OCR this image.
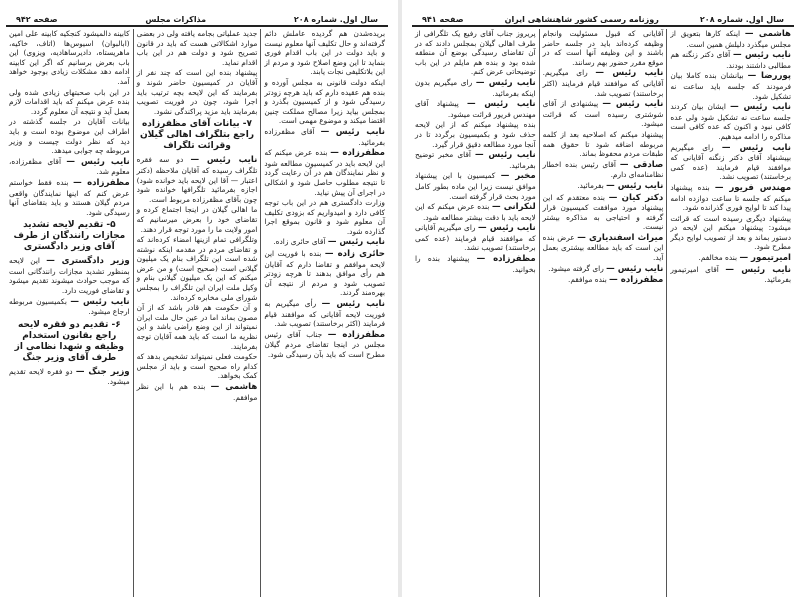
سال اول. شماره ۲۰۸
مذاکرات مجلس
صفحه ۹۴۲
بریده‌شدن هم گردیده عاملش دائم گرفته‌اند و حال تکلیف آنها معلوم نیست و باید دولت در این باب اقدام فوری بنماید تا این وضع اصلاح شود و مردم از این بلاتکلیفی نجات یابند.
اینکه دولت قانونی به مجلس آورده و بنده هم عقیده دارم که باید هرچه زودتر رسیدگی شود و از کمیسیون بگذرد و بمجلس بیاید زیرا مصالح مملکت چنین اقتضا میکند و موضوع مهمی است.
نایب رئیس — آقای مظفرزاده بفرمائید.
مظفرزاده — بنده عرض میکنم که این لایحه باید در کمیسیون مطالعه شود و نظر نمایندگان هم در آن رعایت گردد تا نتیجه مطلوب حاصل شود و اشکالی در اجرای آن پیش نیاید.
وزارت دادگستری هم در این باب توجه کافی دارد و امیدواریم که بزودی تکلیف آن معلوم شود و قانون بموقع اجرا گذارده شود.
نایب رئیس — آقای حائری زاده.
حائری زاده — بنده با فوریت این لایحه موافقم و تقاضا دارم که آقایان هم رأی موافق بدهند تا هرچه زودتر تصویب شود و مردم از نتیجه آن بهره‌مند گردند.
نایب رئیس — رأی میگیریم به فوریت لایحه آقایانی که موافقند قیام فرمایند (اکثر برخاستند) تصویب شد.
مظفرزاده — جناب آقای رئیس مجلس در اینجا تقاضای مردم گیلان مطرح است که باید بآن رسیدگی شود.
جدید عملیاتی بجامه یافته ولی در بعضی موارد اشکالاتی هست که باید در قانون تصریح شود و دولت هم در این باب اقدام نماید.
پیشنهاد بنده این است که چند نفر از آقایان در کمیسیون حاضر شوند و بفرمایند که این لایحه بچه ترتیب باید اجرا شود، چون در فوریت تصویب بفرمایند باید مزید پراکندگی نشود.
۷- بیانات آقای مظفرزاده راجع بتلگراف اهالی گیلان وقرائت تلگراف
نایب رئیس — دو سه فقره تلگراف رسیده که آقایان ملاحظه (دکتر اعتبار — آقا این لایحه باید خوانده شود) اجازه بفرمائید تلگرافها خوانده شود چون بآقای مظفرزاده مربوط است.
ما اهالی گیلان در اینجا اجتماع کرده و تقاضای خود را بعرض میرسانیم که امور ولایت ما را مورد توجه قرار دهند.
وتلگرافی تمام ازینها امضاء کرده‌اند که و تقاضای مردم در مقدمه اینکه نوشته شده است این تلگراف بنام یک میلیون گیلانی است (صحیح است) و من عرض میکنم که این یک میلیون گیلانی بنام و وکیل ملت ایران این تلگراف را بمجلس شورای ملی مخابره کرده‌اند.
و آن حکومت هم قادر باشد که از آن مصون بماند اما در عین حال ملت ایران نمیتواند از این وضع راضی باشد و این نظریه ما است که باید همه آقایان توجه بفرمایند.
حکومت فعلی نمیتواند تشخیص بدهد که کدام راه صحیح است و باید از مجلس کمک بخواهد.
هاشمی — بنده هم با این نظر موافقم.
کابینه دالمیشود کنجکیه کابینه علی امین (ابالبوان) اسیوس‌ها (اتاف، خاکیه، ماهریستاه، دادیرساهادیه، ویزوی) این باب بعرض برسانیم که اگر این کابینه ادامه دهد مشکلات زیادی بوجود خواهد آمد.
در این باب صحبتهای زیادی شده ولی بنده عرض میکنم که باید اقدامات لازم بعمل آید و نتیجه آن معلوم گردد.
بیانات آقایان در جلسه گذشته در اطراف این موضوع بوده است و باید دید که نظر دولت چیست و وزیر مربوطه چه جوابی میدهد.
نایب رئیس — آقای مظفرزاده، معلوم شد.
مظفرزاده — بنده فقط خواستم عرض کنم که اینها نمایندگان واقعی مردم گیلان هستند و باید بتقاضای آنها رسیدگی شود.
۵- تقدیم لایحه تشدید مجازات رانندگان از طرف آقای وزیر دادگستری
وزیر دادگستری — این لایحه بمنظور تشدید مجازات رانندگانی است که موجب حوادث میشوند تقدیم میشود و تقاضای فوریت دارد.
نایب رئیس — بکمیسیون مربوطه ارجاع میشود.
۶- تقدیم دو فقره لایحه راجع بقانون استخدام وظیفه و شهدا نظامی از طرف آقای وزیر جنگ
وزیر جنگ — دو فقره لایحه تقدیم میشود.
سال اول. شماره ۲۰۸
روزنامه رسمی کشور شاهنشاهی ایران
صفحه ۹۴۱
هاشمی — اینکه کارها بتعویق از مجلس میگذرد دلیلش همین است.
نایب رئیس — آقای دکتر زنگنه هم مطالبی داشتند بودند.
پوررضا — بیانشان بنده کاملا بیان فرمودند که جلسه باید ساعت نه تشکیل شود.
نایب رئیس — ایشان بیان کردند جلسه ساعت نه تشکیل شود ولی عده کافی نبود و اکنون که عده کافی است مذاکره را ادامه میدهیم.
نایب رئیس — رای میگیریم بپیشنهاد آقای دکتر زنگنه آقایانی که موافقند قیام فرمایند (عده کمی برخاستند) تصویب نشد.
مهندس فریور — بنده پیشنهاد میکنم که جلسه تا ساعت دوازده ادامه پیدا کند تا لوایح فوری گذرانده شود.
پیشنهاد دیگری رسیده است که قرائت میشود: پیشنهاد میکنم این لایحه در دستور بماند و بعد از تصویب لوایح دیگر مطرح شود.
امیرتیمور — بنده مخالفم.
نایب رئیس — آقای امیرتیمور بفرمائید.
آقایانی که قبول مسئولیت وانجام وظیفه کرده‌اند باید در جلسه حاضر باشند و این وظیفه آنها است که در موقع مقرر حضور بهم رسانند.
نایب رئیس — رای میگیریم. آقایانی که موافقند قیام فرمایند (اکثر برخاستند) تصویب شد.
نایب رئیس — پیشنهادی از آقای شوشتری رسیده است که قرائت میشود.
پیشنهاد میکنم که اصلاحیه بعد از کلمه مربوطه اضافه شود تا حقوق همه طبقات مردم محفوظ بماند.
صادقی — آقای رئیس بنده اخطار نظامنامه‌ای دارم.
نایب رئیس — بفرمائید.
دکتر کیان — بنده معتقدم که این پیشنهاد مورد موافقت کمیسیون قرار گرفته و احتیاجی به مذاکره بیشتر نیست.
میراث اسفندیاری — عرض بنده این است که باید مطالعه بیشتری بعمل آید.
نایب رئیس — رای گرفته میشود.
مظفرزاده — بنده موافقم.
پریروز جناب آقای رفیع یک تلگرافی از طرف اهالی گیلان بمجلس دادند که در آن تقاضای رسیدگی بوضع آن منطقه شده بود و بنده هم مایلم در این باب توضیحاتی عرض کنم.
نایب رئیس — رای میگیریم بدون اینکه بفرمائید.
نایب رئیس — پیشنهاد آقای مهندس فریور قرائت میشود.
بنده پیشنهاد میکنم که از این لایحه حذف شود و بکمیسیون برگردد تا در آنجا مورد مطالعه دقیق قرار گیرد.
نایب رئیس — آقای مخبر توضیح بفرمائید.
مخبر — کمیسیون با این پیشنهاد موافق نیست زیرا این ماده بطور کامل مورد بحث قرار گرفته است.
لنکرانی — بنده عرض میکنم که این لایحه باید با دقت بیشتر مطالعه شود.
نایب رئیس — رای میگیریم آقایانی که موافقند قیام فرمایند (عده کمی برخاستند) تصویب نشد.
مظفرزاده — پیشنهاد بنده را بخوانید.
